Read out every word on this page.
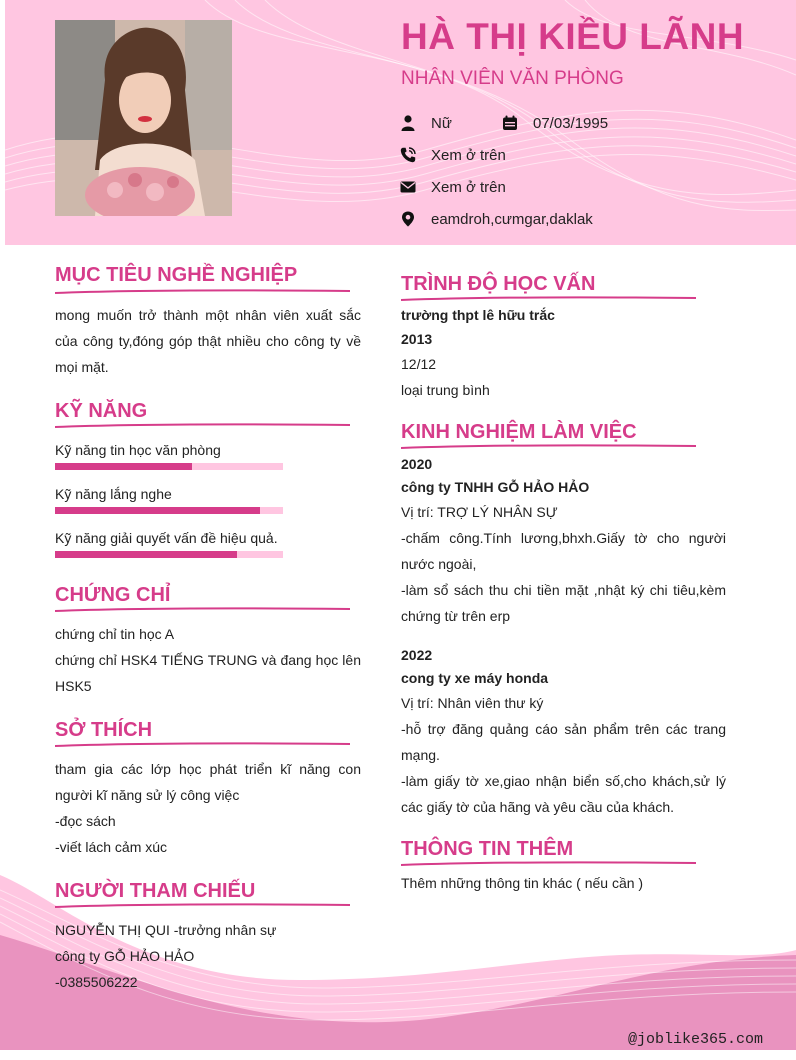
HÀ THỊ KIỀU LÃNH
NHÂN VIÊN VĂN PHÒNG
Nữ	07/03/1995
Xem ở trên
Xem ở trên
eamdroh,cưmgar,daklak
MỤC TIÊU NGHỀ NGHIỆP
mong muốn trở thành một nhân viên xuất sắc của công ty,đóng góp thật nhiều cho công ty về mọi mặt.
KỸ NĂNG
Kỹ năng tin học văn phòng
Kỹ năng lắng nghe
Kỹ năng giải quyết vấn đề hiệu quả.
CHỨNG CHỈ
chứng chỉ tin học A
chứng chỉ HSK4 TIẾNG TRUNG và đang học lên HSK5
SỞ THÍCH
tham gia các lớp học phát triển kĩ năng con người kĩ năng sử lý công việc
-đọc sách
-viết lách cảm xúc
NGƯỜI THAM CHIẾU
NGUYỄN THỊ QUI -trưởng nhân sự
công ty GỖ HẢO HẢO
-0385506222
TRÌNH ĐỘ HỌC VẤN
trường thpt lê hữu trắc
2013
12/12
loại trung bình
KINH NGHIỆM LÀM VIỆC
2020
công ty TNHH GỖ HẢO HẢO
Vị trí: TRỢ LÝ NHÂN SỰ
-chấm công.Tính lương,bhxh.Giấy tờ cho người nước ngoài,
-làm sổ sách thu chi tiền mặt ,nhật ký chi tiêu,kèm chứng từ trên erp
2022
cong ty xe máy honda
Vị trí: Nhân viên thư ký
-hỗ trợ đăng quảng cáo sản phẩm trên các trang mạng.
-làm giấy tờ xe,giao nhận biển số,cho khách,sử lý các giấy tờ của hãng và yêu cầu của khách.
THÔNG TIN THÊM
Thêm những thông tin khác ( nếu cần )
@joblike365.com
